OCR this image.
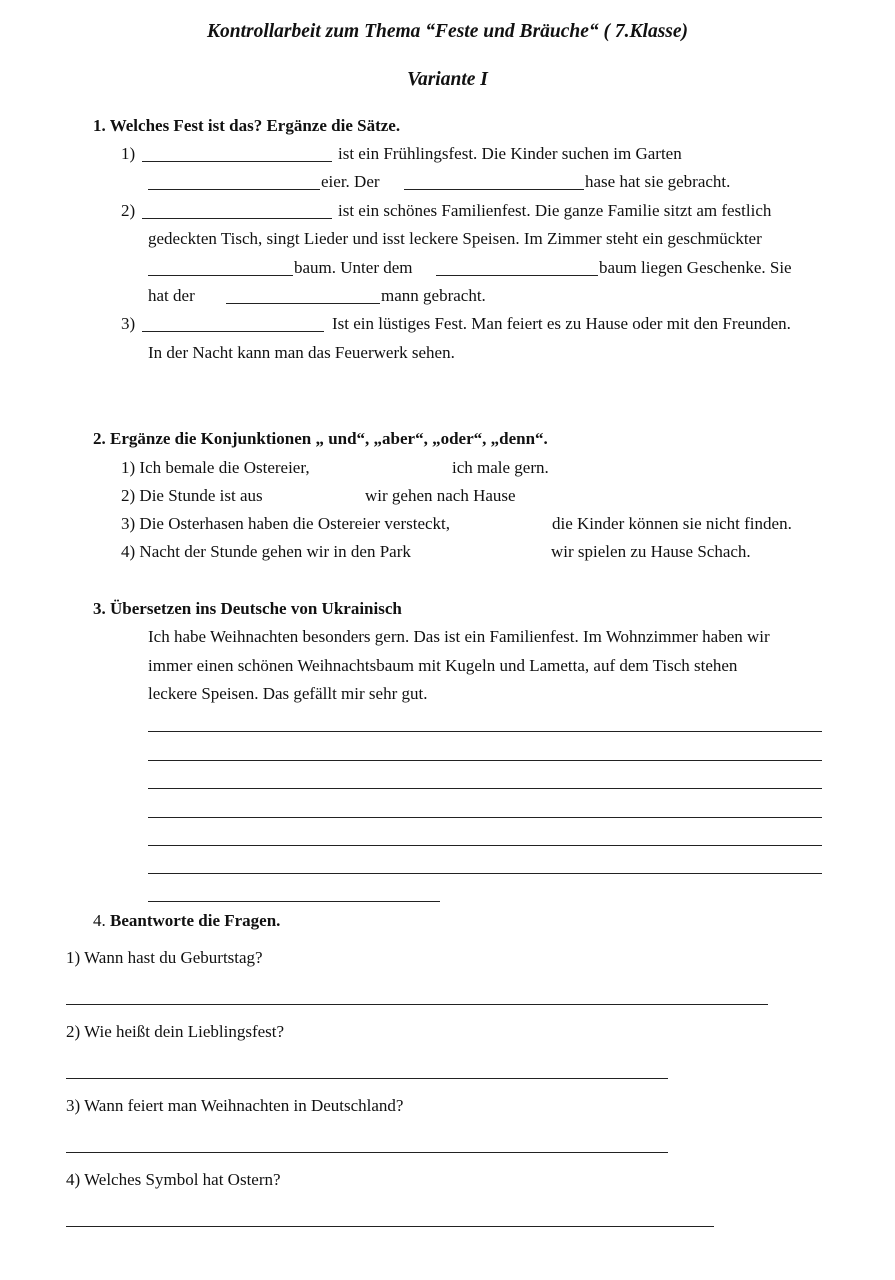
Kontrollarbeit zum Thema “Feste und Bräuche“ ( 7.Klasse)
Variante I
1. Welches Fest ist das? Ergänze die Sätze.
1)	ist ein Frühlingsfest. Die Kinder suchen im Garten
eier. Der	hase hat sie gebracht.
2)	ist ein schönes Familienfest. Die ganze Familie sitzt am festlich
gedeckten Tisch, singt Lieder und isst leckere Speisen. Im Zimmer steht ein geschmückter
baum. Unter dem	baum liegen Geschenke. Sie
hat der	mann gebracht.
3)	Ist ein lüstiges Fest. Man feiert es zu Hause oder mit den Freunden.
In der Nacht kann man das Feuerwerk sehen.
2. Ergänze die Konjunktionen „ und“, „aber“, „oder“, „denn“.
1) Ich bemale die Ostereier,	ich male gern.
2) Die Stunde ist aus	wir gehen nach Hause
3) Die Osterhasen haben die Ostereier versteckt,	die Kinder können sie nicht finden.
4) Nacht der Stunde gehen wir in den Park	wir spielen zu Hause Schach.
3. Übersetzen ins Deutsche von Ukrainisch
Ich habe Weihnachten besonders gern. Das ist ein Familienfest. Im Wohnzimmer haben wir
immer einen schönen Weihnachtsbaum mit Kugeln und Lametta, auf dem Tisch stehen
leckere Speisen. Das gefällt mir sehr gut.
4. Beantworte die Fragen.
1) Wann hast du Geburtstag?
2) Wie heißt dein Lieblingsfest?
3) Wann feiert man Weihnachten in Deutschland?
4) Welches Symbol hat Ostern?
